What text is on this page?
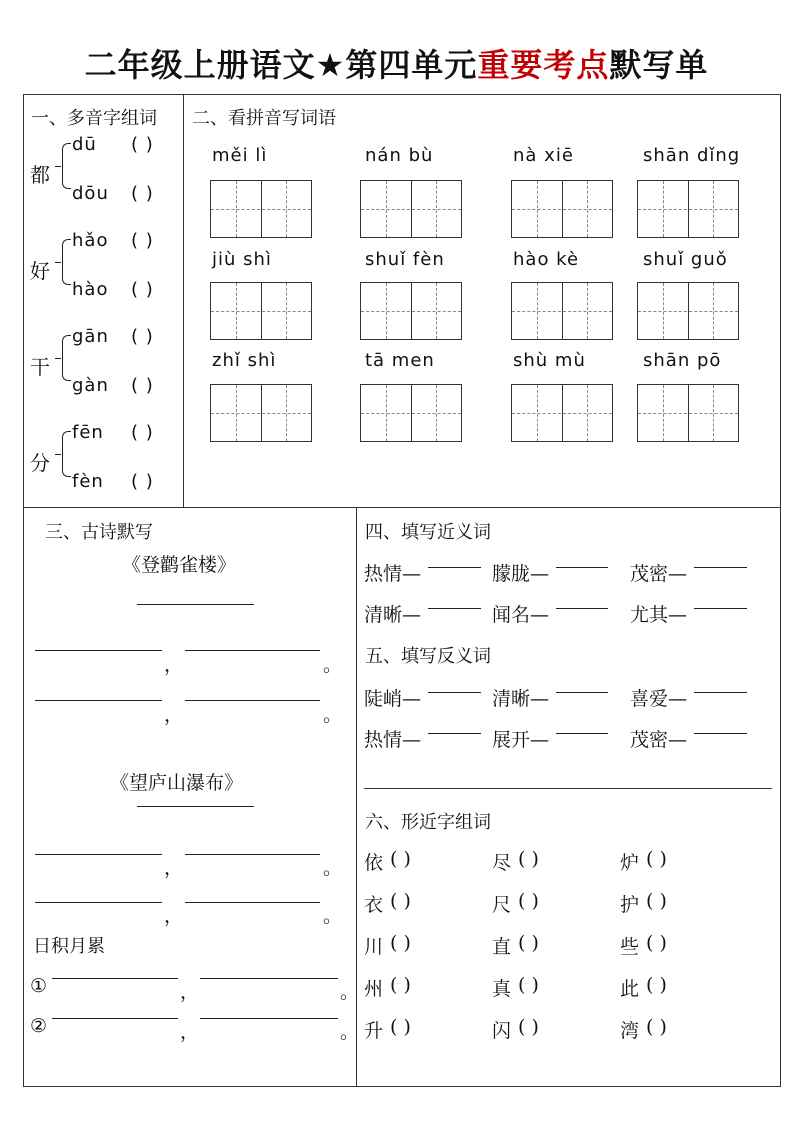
二年级上册语文★第四单元重要考点默写单
一、多音字组词
都
dū ( )
dōu ( )
好
hǎo ( )
hào ( )
干
gān ( )
gàn ( )
分
fēn ( )
fèn ( )
二、看拼音写词语
měi lì	nán bù	nà xiē	shān dǐng
jiù shì	shuǐ fèn	hào kè	shuǐ guǒ
zhǐ shì	tā men	shù mù	shān pō
三、古诗默写
《登鹳雀楼》
，	。
，	。
《望庐山瀑布》
，	。
，	。
日积月累
①	，	。
②	，	。
四、填写近义词
五、填写反义词
热情—	朦胧—	茂密—
清晰—	闻名—	尤其—
陡峭—	清晰—	喜爱—
热情—	展开—	茂密—
六、形近字组词
依 ( )	尽 ( )	炉 ( )
衣 ( )	尺 ( )	护 ( )
川 ( )	直 ( )	些 ( )
州 ( )	真 ( )	此 ( )
升 ( )	闪 ( )	湾 ( )
